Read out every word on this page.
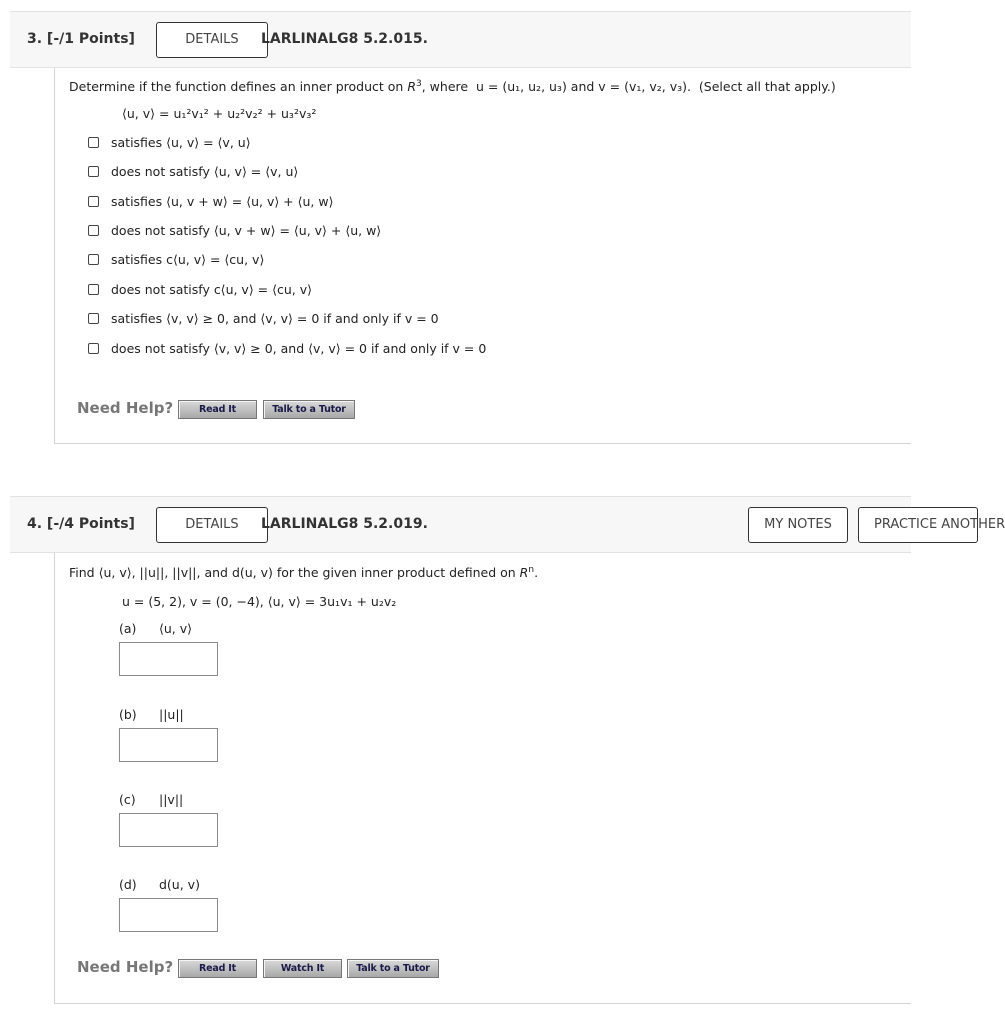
3. [-/1 Points]	DETAILS	LARLINALG8 5.2.015.
Determine if the function defines an inner product on $R^3$, where u = (u₁, u₂, u₃) and v = (v₁, v₂, v₃). (Select all that apply.)
⟨u, v⟩ = u₁²v₁² + u₂²v₂² + u₃²v₃²
satisfies ⟨u, v⟩ = ⟨v, u⟩
does not satisfy ⟨u, v⟩ = ⟨v, u⟩
satisfies ⟨u, v + w⟩ = ⟨u, v⟩ + ⟨u, w⟩
does not satisfy ⟨u, v + w⟩ = ⟨u, v⟩ + ⟨u, w⟩
satisfies c⟨u, v⟩ = ⟨cu, v⟩
does not satisfy c⟨u, v⟩ = ⟨cu, v⟩
satisfies ⟨v, v⟩ ≥ 0, and ⟨v, v⟩ = 0 if and only if v = 0
does not satisfy ⟨v, v⟩ ≥ 0, and ⟨v, v⟩ = 0 if and only if v = 0
Need Help?	Read It	Talk to a Tutor
4. [-/4 Points]	DETAILS	LARLINALG8 5.2.019.	MY NOTES	PRACTICE ANOTHER
Find ⟨u, v⟩, ||u||, ||v||, and d(u, v) for the given inner product defined on $R^n$.
u = (5, 2), v = (0, −4), ⟨u, v⟩ = 3u₁v₁ + u₂v₂
(a) ⟨u, v⟩
(b) ||u||
(c) ||v||
(d) d(u, v)
Need Help?	Read It	Watch It	Talk to a Tutor
